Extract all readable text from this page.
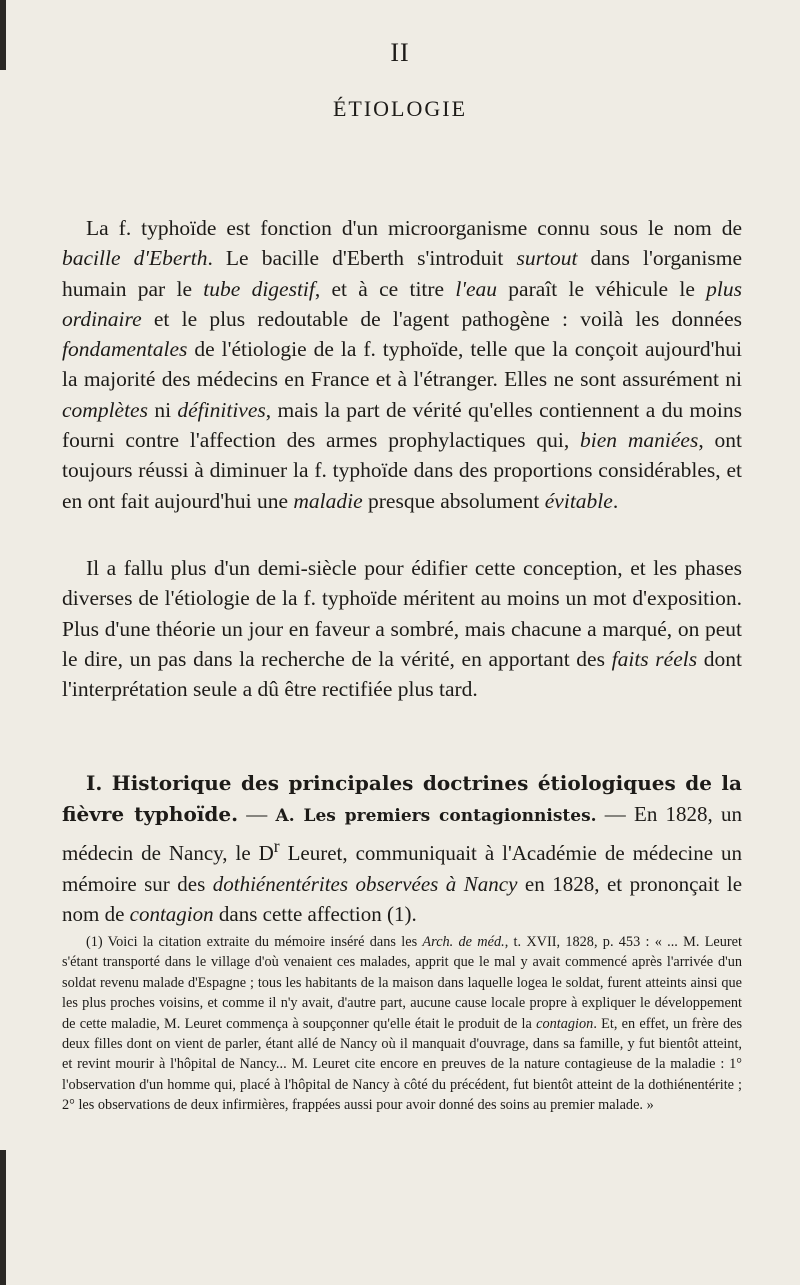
II
ÉTIOLOGIE

La f. typhoïde est fonction d'un microorganisme connu sous le nom de bacille d'Eberth. Le bacille d'Eberth s'introduit surtout dans l'organisme humain par le tube digestif, et à ce titre l'eau paraît le véhicule le plus ordinaire et le plus redoutable de l'agent pathogène : voilà les données fondamentales de l'étiologie de la f. typhoïde, telle que la conçoit aujourd'hui la majorité des médecins en France et à l'étranger. Elles ne sont assurément ni complètes ni définitives, mais la part de vérité qu'elles contiennent a du moins fourni contre l'affection des armes prophylactiques qui, bien maniées, ont toujours réussi à diminuer la f. typhoïde dans des proportions considérables, et en ont fait aujourd'hui une maladie presque absolument évitable.

Il a fallu plus d'un demi-siècle pour édifier cette conception, et les phases diverses de l'étiologie de la f. typhoïde méritent au moins un mot d'exposition. Plus d'une théorie un jour en faveur a sombré, mais chacune a marqué, on peut le dire, un pas dans la recherche de la vérité, en apportant des faits réels dont l'interprétation seule a dû être rectifiée plus tard.

I. Historique des principales doctrines étiologiques de la fièvre typhoïde. — A. Les premiers contagionnistes. — En 1828, un médecin de Nancy, le $D^r$ Leuret, communiquait à l'Académie de médecine un mémoire sur des dothiénentérites observées à Nancy en 1828, et prononçait le nom de contagion dans cette affection (1).

(1) Voici la citation extraite du mémoire inséré dans les Arch. de méd., t. XVII, 1828, p. 453 : « ... M. Leuret s'étant transporté dans le village d'où venaient ces malades, apprit que le mal y avait commencé après l'arrivée d'un soldat revenu malade d'Espagne ; tous les habitants de la maison dans laquelle logea le soldat, furent atteints ainsi que les plus proches voisins, et comme il n'y avait, d'autre part, aucune cause locale propre à expliquer le développement de cette maladie, M. Leuret commença à soupçonner qu'elle était le produit de la contagion. Et, en effet, un frère des deux filles dont on vient de parler, étant allé de Nancy où il manquait d'ouvrage, dans sa famille, y fut bientôt atteint, et revint mourir à l'hôpital de Nancy... M. Leuret cite encore en preuves de la nature contagieuse de la maladie : 1° l'observation d'un homme qui, placé à l'hôpital de Nancy à côté du précédent, fut bientôt atteint de la dothiénentérite ; 2° les observations de deux infirmières, frappées aussi pour avoir donné des soins au premier malade. »
